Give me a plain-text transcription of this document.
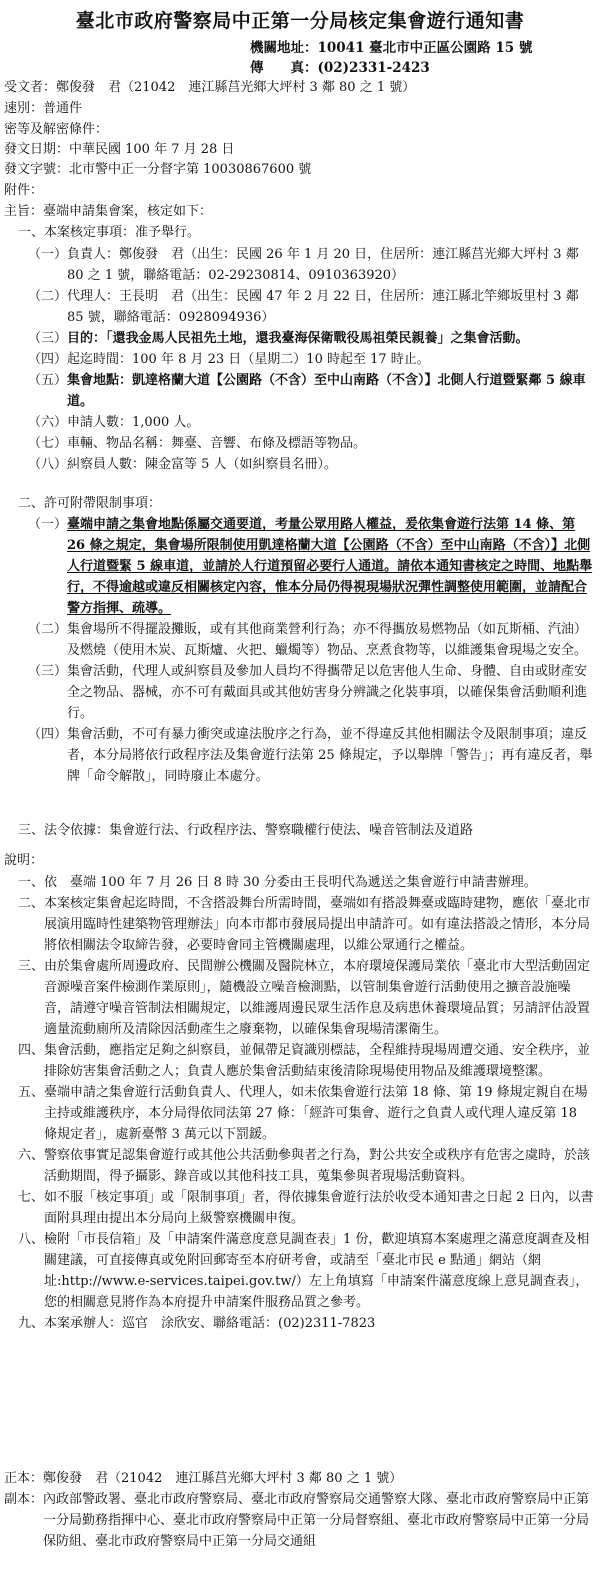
臺北市政府警察局中正第一分局核定集會遊行通知書
機關地址：10041 臺北市中正區公園路 15 號
傳　　真：(02)2331-2423
受文者：鄭俊發　君（21042　連江縣莒光鄉大坪村 3 鄰 80 之 1 號）
速別：普通件
密等及解密條件：
發文日期：中華民國 100 年 7 月 28 日
發文字號：北市警中正一分督字第 10030867600 號
附件：
主旨：臺端申請集會案，核定如下：
一、本案核定事項：准予舉行。
（一） 負責人：鄭俊發　君（出生：民國 26 年 1 月 20 日，住居所：連江縣莒光鄉大坪村 3 鄰 80 之 1 號，聯絡電話：02-29230814、0910363920）
（二） 代理人：王長明　君（出生：民國 47 年 2 月 22 日，住居所：連江縣北竿鄉坂里村 3 鄰 85 號，聯絡電話：0928094936）
（三） 目的：「還我金馬人民祖先土地，還我臺海保衛戰役馬祖榮民親養」之集會活動。
（四） 起迄時間：100 年 8 月 23 日（星期二）10 時起至 17 時止。
（五） 集會地點：凱達格蘭大道【公園路（不含）至中山南路（不含）】北側人行道暨緊鄰 5 線車道。
（六） 申請人數：1,000 人。
（七） 車輛、物品名稱：舞臺、音響、布條及標語等物品。
（八） 糾察員人數：陳金富等 5 人（如糾察員名冊）。
二、許可附帶限制事項：
（一） 臺端申請之集會地點係屬交通要道，考量公眾用路人權益，爰依集會遊行法第 14 條、第 26 條之規定，集會場所限制使用凱達格蘭大道【公園路（不含）至中山南路（不含）】北側人行道暨緊 5 線車道，並請於人行道預留必要行人通道。請依本通知書核定之時間、地點舉行，不得逾越或違反相關核定內容，惟本分局仍得視現場狀況彈性調整使用範圍，並請配合警方指揮、疏導。
（二） 集會場所不得擺設攤販，或有其他商業營利行為；亦不得攜放易燃物品（如瓦斯桶、汽油）及燃燒（使用木炭、瓦斯爐、火把、蠟燭等）物品、烹煮食物等，以維護集會現場之安全。
（三） 集會活動，代理人或糾察員及參加人員均不得攜帶足以危害他人生命、身體、自由或財產安全之物品、器械，亦不可有戴面具或其他妨害身分辨識之化裝事項，以確保集會活動順利進行。
（四） 集會活動，不可有暴力衝突或違法脫序之行為，並不得違反其他相關法令及限制事項；違反者，本分局將依行政程序法及集會遊行法第 25 條規定，予以舉牌「警告」；再有違反者，舉牌「命令解散」，同時廢止本處分。
三、法令依據：集會遊行法、行政程序法、警察職權行使法、噪音管制法及道路
說明：
一、 依　臺端 100 年 7 月 26 日 8 時 30 分委由王長明代為遞送之集會遊行申請書辦理。
二、 本案核定集會起迄時間，不含搭設舞台所需時間，臺端如有搭設舞臺或臨時建物，應依「臺北市展演用臨時性建築物管理辦法」向本市都市發展局提出申請許可。如有違法搭設之情形，本分局將依相關法令取締告發，必要時會同主管機關處理，以維公眾通行之權益。
三、 由於集會處所周邊政府、民間辦公機關及醫院林立，本府環境保護局業依「臺北市大型活動固定音源噪音案件檢測作業原則」，隨機設立噪音檢測點，以管制集會遊行活動使用之擴音設施噪音，請遵守噪音管制法相關規定，以維護周邊民眾生活作息及病患休養環境品質；另請評估設置適量流動廁所及清除因活動產生之廢棄物，以確保集會現場清潔衛生。
四、 集會活動，應指定足夠之糾察員，並佩帶足資識別標誌，全程維持現場周遭交通、安全秩序，並排除妨害集會活動之人；負責人應於集會活動結束後清除現場使用物品及維護環境整潔。
五、 臺端申請之集會遊行活動負責人、代理人，如未依集會遊行法第 18 條、第 19 條規定親自在場主持或維護秩序，本分局得依同法第 27 條：「經許可集會、遊行之負責人或代理人違反第 18 條規定者」，處新臺幣 3 萬元以下罰鍰。
六、 警察依事實足認集會遊行或其他公共活動參與者之行為，對公共安全或秩序有危害之虞時，於該活動期間，得予攝影、錄音或以其他科技工具，蒐集參與者現場活動資料。
七、 如不服「核定事項」或「限制事項」者，得依據集會遊行法於收受本通知書之日起 2 日內，以書面附具理由提出本分局向上級警察機關申復。
八、 檢附「市長信箱」及「申請案件滿意度意見調查表」1 份，歡迎填寫本案處理之滿意度調查及相關建議，可直接傳真或免附回郵寄至本府研考會，或請至「臺北市民 e 點通」網站（網址:http://www.e-services.taipei.gov.tw/）左上角填寫「申請案件滿意度線上意見調查表」，您的相關意見將作為本府提升申請案件服務品質之參考。
九、 本案承辦人：巡官　涂欣安、聯絡電話：(02)2311-7823
正本： 鄭俊發　君（21042　連江縣莒光鄉大坪村 3 鄰 80 之 1 號）
副本： 內政部警政署、臺北市政府警察局、臺北市政府警察局交通警察大隊、臺北市政府警察局中正第一分局勤務指揮中心、臺北市政府警察局中正第一分局督察組、臺北市政府警察局中正第一分局保防組、臺北市政府警察局中正第一分局交通組
